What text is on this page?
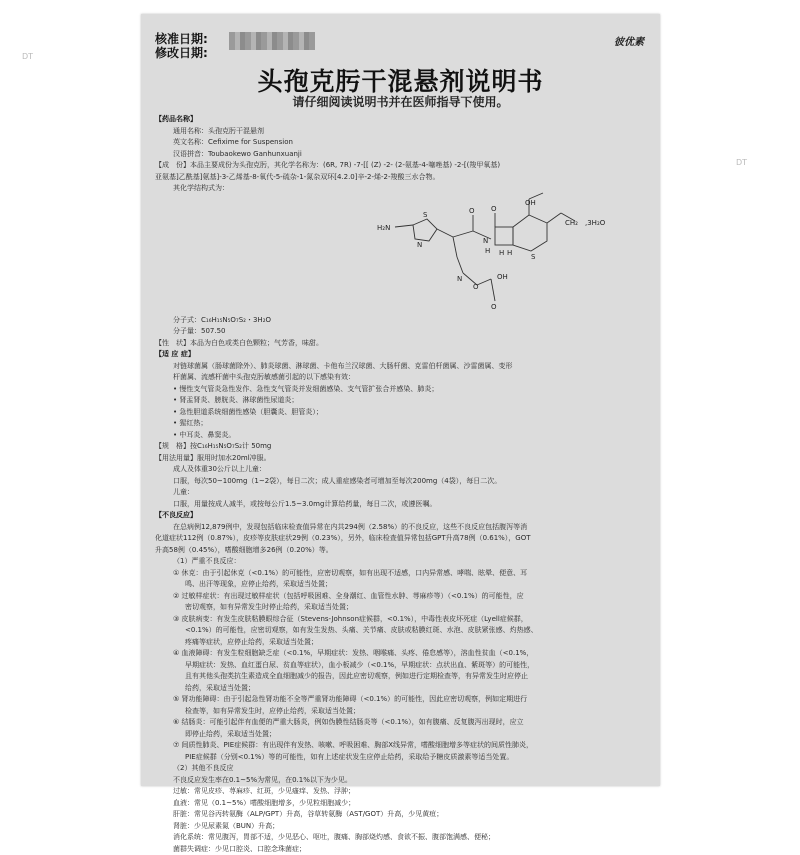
DT
DT
核准日期:
修改日期:
彼优素
头孢克肟干混悬剂说明书
请仔细阅读说明书并在医师指导下使用。

【药品名称】

通用名称：头孢克肟干混悬剂

英文名称：Cefixime for Suspension

汉语拼音：Toubaokewo Ganhunxuanji

【成　份】本品主要成份为头孢克肟，其化学名称为：(6R, 7R) -7-[[ (Z) -2- (2-氨基-4-噻唑基) -2-[(羧甲氧基)

亚氨基]乙酰基]氨基]-3-乙烯基-8-氧代-5-硫杂-1-氮杂双环[4.2.0]辛-2-烯-2-羧酸三水合物。

其化学结构式为：

OH
O
H₂N
S
N
O
H
N
H H
N
S
O
OH
O
CH₂ ,3H₂O

分子式：C₁₆H₁₅N₅O₇S₂・3H₂O

分子量：507.50

【性　状】本品为白色或类白色颗粒；气芳香，味甜。

【适 应 症】

对链球菌属（肠球菌除外）、肺炎球菌、淋球菌、卡他布兰汉球菌、大肠杆菌、克雷伯杆菌属、沙雷菌属、变形

杆菌属、流感杆菌中头孢克肟敏感菌引起的以下感染有效：

• 慢性支气管炎急性发作、急性支气管炎并发细菌感染、支气管扩张合并感染、肺炎；

• 肾盂肾炎、膀胱炎、淋球菌性尿道炎；

• 急性胆道系统细菌性感染（胆囊炎、胆管炎）；

• 猩红热；

• 中耳炎、鼻窦炎。

【规　格】按C₁₆H₁₅N₅O₇S₂计 50mg

【用法用量】服用时加水20ml冲服。

成人及体重30公斤以上儿童：

口服，每次50~100mg（1~2袋），每日二次；成人重症感染者可增加至每次200mg（4袋），每日二次。

儿童：

口服，用量按成人减半，或按每公斤1.5~3.0mg计算给药量，每日二次，或遵医嘱。

【不良反应】

在总病例12,879例中，发现包括临床检查值异常在内共294例（2.58%）的不良反应，这些不良反应包括腹泻等消

化道症状112例（0.87%），皮疹等皮肤症状29例（0.23%），另外，临床检查值异常包括GPT升高78例（0.61%），GOT

升高58例（0.45%），嗜酸细胞增多26例（0.20%）等。

（1）严重不良反应：

① 休克：由于引起休克（<0.1%）的可能性，应密切观察，如有出现不适感，口内异常感、哮喘、眩晕、便意、耳

鸣、出汗等现象，应停止给药，采取适当处置；

② 过敏样症状：有出现过敏样症状（包括呼吸困难、全身潮红、血管性水肿、荨麻疹等）（<0.1%）的可能性，应

密切观察，如有异常发生时停止给药，采取适当处置；

③ 皮肤病变：有发生皮肤粘膜眼综合征（Stevens-Johnson症候群，<0.1%），中毒性表皮坏死症（Lyell症候群，

<0.1%）的可能性，应密切观察，如有发生发热、头痛、关节痛、皮肤或粘膜红斑、水泡、皮肤紧张感、灼热感、

疼痛等症状，应停止给药，采取适当处置；

④ 血液障碍：有发生粒细胞缺乏症（<0.1%，早期症状：发热、咽喉痛、头疼、倦怠感等），溶血性贫血（<0.1%，

早期症状：发热、血红蛋白尿、贫血等症状），血小板减少（<0.1%，早期症状：点状出血、紫斑等）的可能性，

且有其他头孢类抗生素造成全血细胞减少的报告，因此应密切观察，例如进行定期检查等，有异常发生时应停止

给药，采取适当处置；

⑤ 肾功能障碍：由于引起急性肾功能不全等严重肾功能障碍（<0.1%）的可能性，因此应密切观察，例如定期进行

检查等，如有异常发生时，应停止给药，采取适当处置；

⑥ 结肠炎：可能引起伴有血便的严重大肠炎，例如伪膜性结肠炎等（<0.1%），如有腹痛、反复腹泻出现时，应立

即停止给药，采取适当处置；

⑦ 间质性肺炎、PIE症候群：有出现伴有发热、咳嗽、呼吸困难、胸部X线异常，嗜酸细胞增多等症状的间质性肺炎，

PIE症候群（分别<0.1%）等的可能性，如有上述症状发生应停止给药，采取给予糖皮质激素等适当处置。

（2）其他不良反应

不良反应发生率在0.1~5%为常见，在0.1%以下为少见。

过敏：常见皮疹、荨麻疹、红斑，少见瘙痒、发热、浮肿；

血液：常见（0.1~5%）嗜酸细胞增多，少见粒细胞减少；

肝脏：常见谷丙转氨酶（ALP/GPT）升高，谷草转氨酶（AST/GOT）升高，少见黄疸；

肾脏：少见尿素氮（BUN）升高；

消化系统：常见腹泻，胃部不适，少见恶心、呕吐，腹痛、胸部烧灼感、食欲不振、腹部饱满感、便秘；

菌群失调症：少见口腔炎、口腔念珠菌症；
